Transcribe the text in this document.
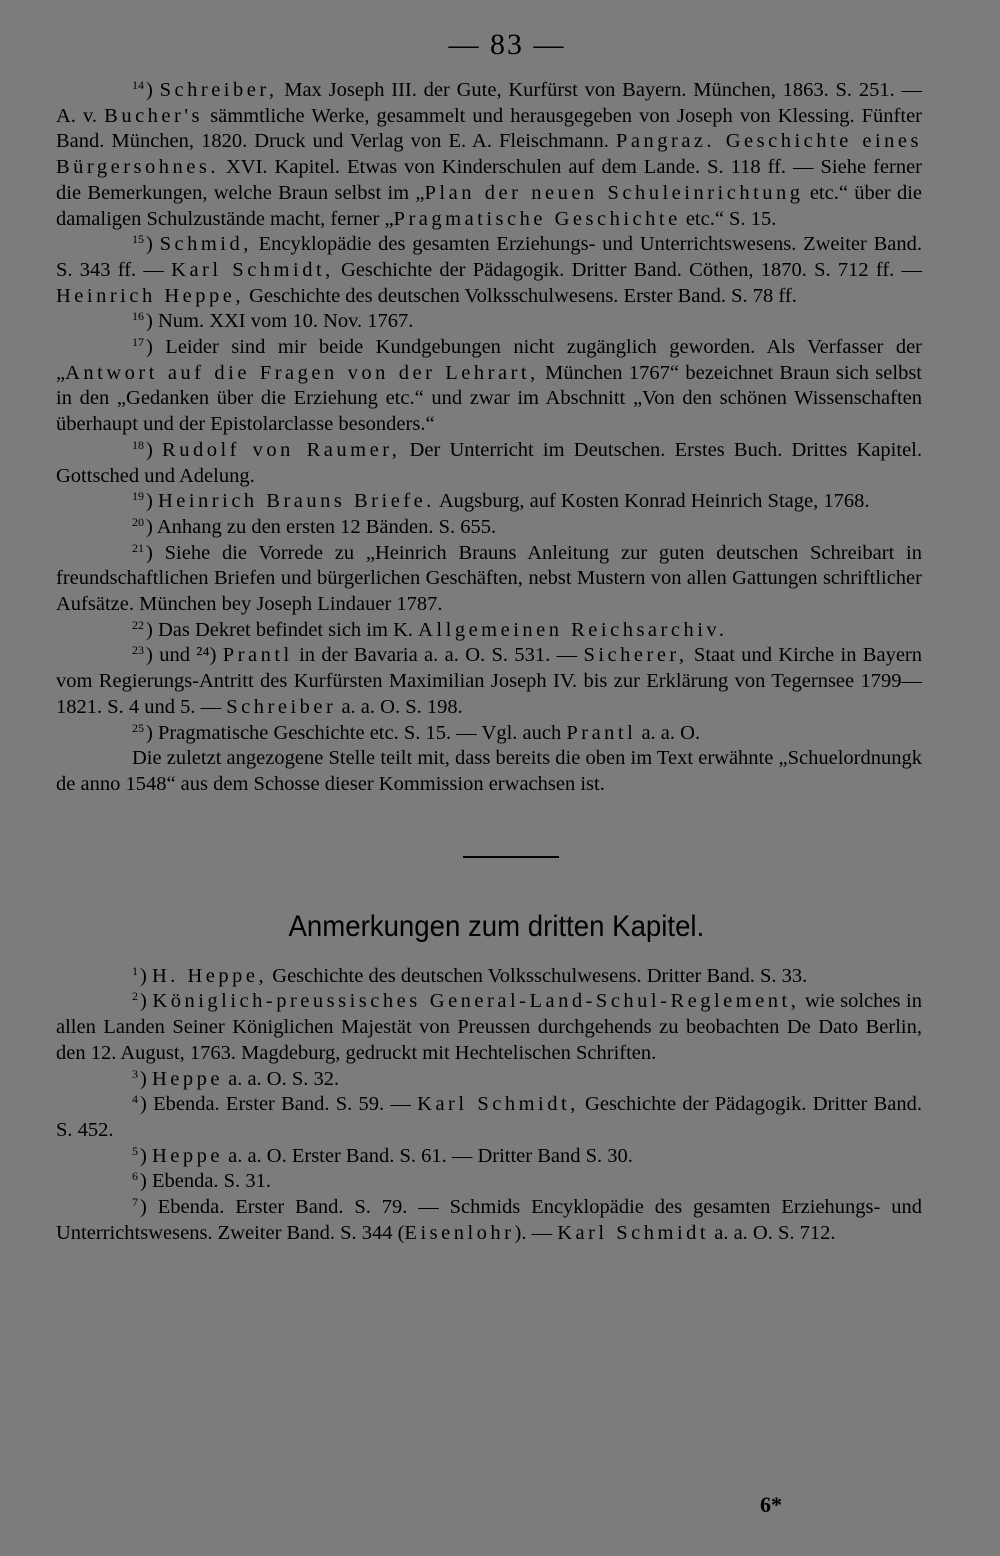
— 83 —

$^{14}$) Schreiber, Max Joseph III. der Gute, Kurfürst von Bayern. München, 1863. S. 251. — A. v. Bucher's sämmtliche Werke, gesammelt und herausgegeben von Joseph von Klessing. Fünfter Band. München, 1820. Druck und Verlag von E. A. Fleischmann. Pangraz. Geschichte eines Bürgersohnes. XVI. Kapitel. Etwas von Kinderschulen auf dem Lande. S. 118 ff. — Siehe ferner die Bemerkungen, welche Braun selbst im „Plan der neuen Schuleinrichtung etc.“ über die damaligen Schulzustände macht, ferner „Pragmatische Geschichte etc.“ S. 15.

$^{15}$) Schmid, Encyklopädie des gesamten Erziehungs- und Unterrichtswesens. Zweiter Band. S. 343 ff. — Karl Schmidt, Geschichte der Pädagogik. Dritter Band. Cöthen, 1870. S. 712 ff. — Heinrich Heppe, Geschichte des deutschen Volksschulwesens. Erster Band. S. 78 ff.

$^{16}$) Num. XXI vom 10. Nov. 1767.

$^{17}$) Leider sind mir beide Kundgebungen nicht zugänglich geworden. Als Verfasser der „Antwort auf die Fragen von der Lehrart, München 1767“ bezeichnet Braun sich selbst in den „Gedanken über die Erziehung etc.“ und zwar im Abschnitt „Von den schönen Wissenschaften überhaupt und der Epistolarclasse besonders.“

$^{18}$) Rudolf von Raumer, Der Unterricht im Deutschen. Erstes Buch. Drittes Kapitel. Gottsched und Adelung.

$^{19}$) Heinrich Brauns Briefe. Augsburg, auf Kosten Konrad Heinrich Stage, 1768.

$^{20}$) Anhang zu den ersten 12 Bänden. S. 655.

$^{21}$) Siehe die Vorrede zu „Heinrich Brauns Anleitung zur guten deutschen Schreibart in freundschaftlichen Briefen und bürgerlichen Geschäften, nebst Mustern von allen Gattungen schriftlicher Aufsätze. München bey Joseph Lindauer 1787.

$^{22}$) Das Dekret befindet sich im K. Allgemeinen Reichsarchiv.

$^{23}$) und ²⁴) Prantl in der Bavaria a. a. O. S. 531. — Sicherer, Staat und Kirche in Bayern vom Regierungs-Antritt des Kurfürsten Maximilian Joseph IV. bis zur Erklärung von Tegernsee 1799—1821. S. 4 und 5. — Schreiber a. a. O. S. 198.

$^{25}$) Pragmatische Geschichte etc. S. 15. — Vgl. auch Prantl a. a. O.

Die zuletzt angezogene Stelle teilt mit, dass bereits die oben im Text erwähnte „Schuelordnungk de anno 1548“ aus dem Schosse dieser Kommission erwachsen ist.

Anmerkungen zum dritten Kapitel.

$^1$) H. Heppe, Geschichte des deutschen Volksschulwesens. Dritter Band. S. 33.

$^2$) Königlich-preussisches General-Land-Schul-Reglement, wie solches in allen Landen Seiner Königlichen Majestät von Preussen durchgehends zu beobachten De Dato Berlin, den 12. August, 1763. Magdeburg, gedruckt mit Hechtelischen Schriften.

$^3$) Heppe a. a. O. S. 32.

$^4$) Ebenda. Erster Band. S. 59. — Karl Schmidt, Geschichte der Pädagogik. Dritter Band. S. 452.

$^5$) Heppe a. a. O. Erster Band. S. 61. — Dritter Band S. 30.

$^6$) Ebenda. S. 31.

$^7$) Ebenda. Erster Band. S. 79. — Schmids Encyklopädie des gesamten Erziehungs- und Unterrichtswesens. Zweiter Band. S. 344 (Eisenlohr). — Karl Schmidt a. a. O. S. 712.

6*
